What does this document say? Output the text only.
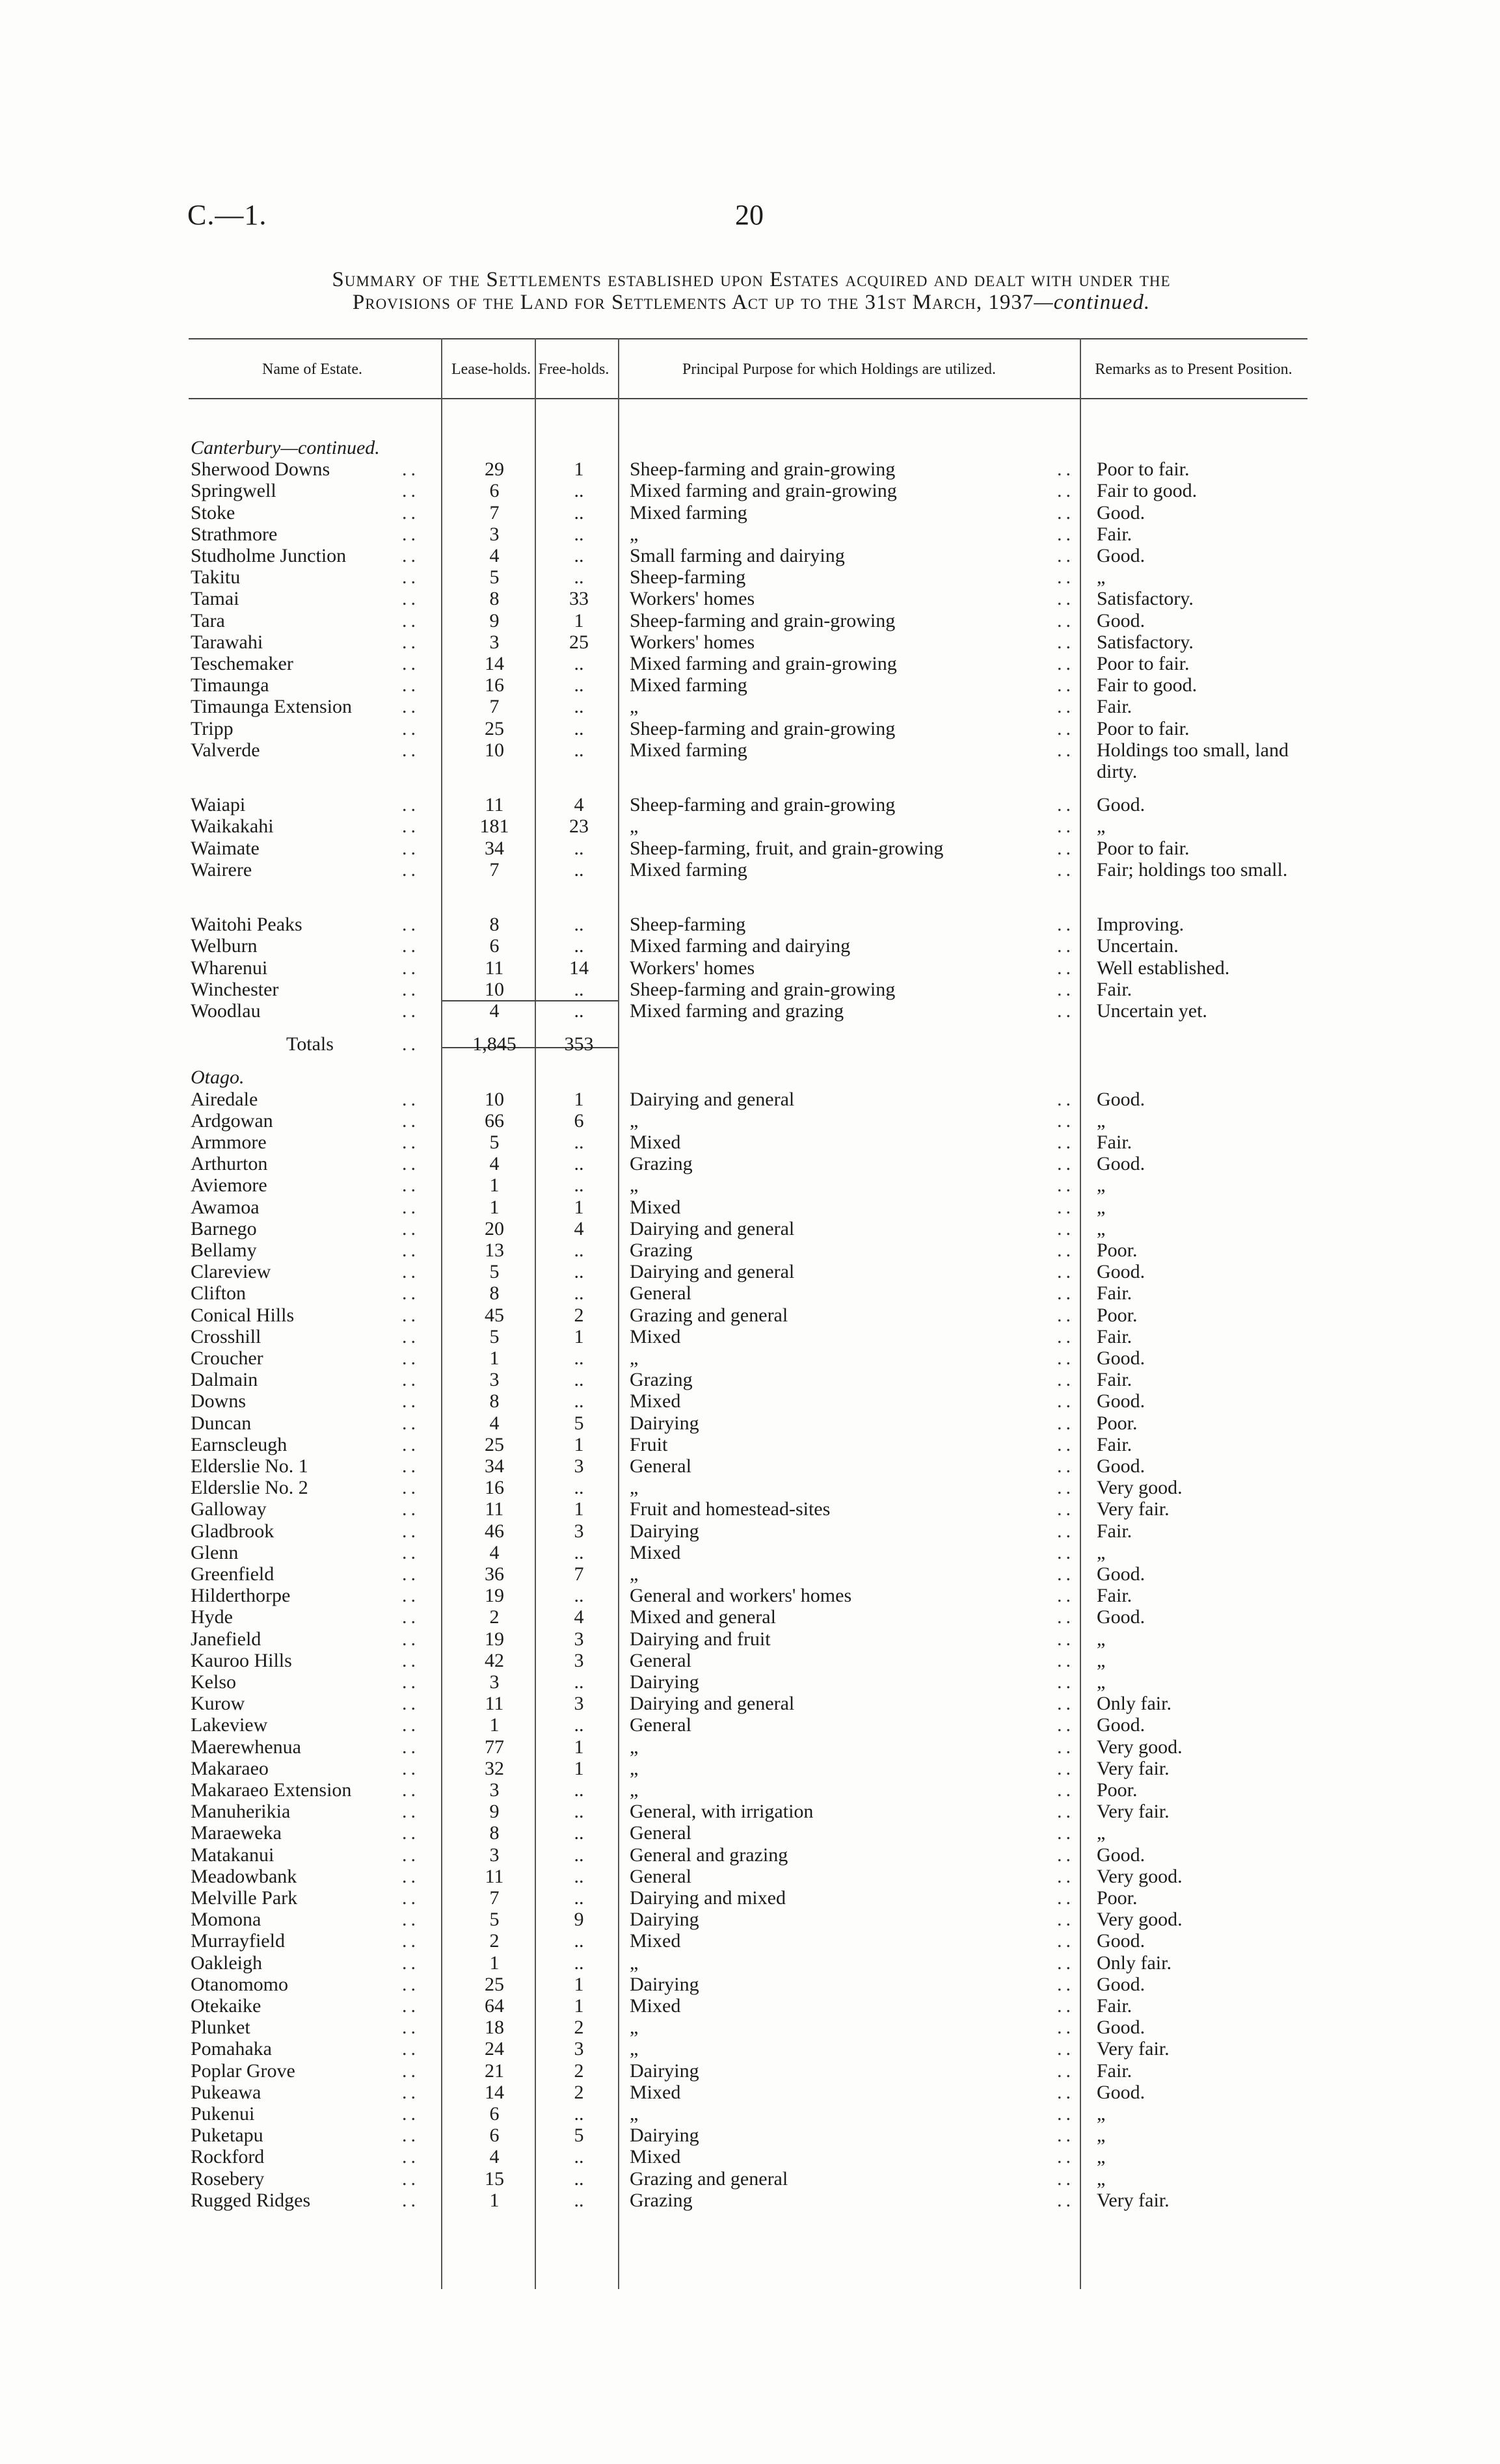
C.—1.	20
Summary of the Settlements established upon Estates acquired and dealt with under the
Provisions of the Land for Settlements Act up to the 31st March, 1937—continued.
Name of Estate.	Lease-holds. Free-holds.	Principal Purpose for which Holdings are utilized.	Remarks as to Present Position.
Canterbury—continued.
Sherwood Downs	..	29	1	Sheep-farming and grain-growing	.. Poor to fair.
Springwell	..	6	..	Mixed farming and grain-growing	.. Fair to good.
Stoke	..	7	..	Mixed farming	.. Good.
Strathmore	..	3	..	„	.. Fair.
Studholme Junction	..	4	..	Small farming and dairying	.. Good.
Takitu	..	5	..	Sheep-farming	.. „
Tamai	..	8	33	Workers' homes	.. Satisfactory.
Tara	..	9	1	Sheep-farming and grain-growing	.. Good.
Tarawahi	..	3	25	Workers' homes	.. Satisfactory.
Teschemaker	..	14	..	Mixed farming and grain-growing	.. Poor to fair.
Timaunga	..	16	..	Mixed farming	.. Fair to good.
Timaunga Extension	..	7	..	„	.. Fair.
Tripp	..	25	..	Sheep-farming and grain-growing	.. Poor to fair.
Valverde	..	10	..	Mixed farming	.. Holdings too small, land dirty.
Waiapi	..	11	4	Sheep-farming and grain-growing	.. Good.
Waikakahi	..	181	23	„	.. „
Waimate	..	34	..	Sheep-farming, fruit, and grain-growing	.. Poor to fair.
Wairere	..	7	..	Mixed farming	.. Fair; holdings too small.
Waitohi Peaks	..	8	..	Sheep-farming	.. Improving.
Welburn	..	6	..	Mixed farming and dairying	.. Uncertain.
Wharenui	..	11	14	Workers' homes	.. Well established.
Winchester	..	10	..	Sheep-farming and grain-growing	.. Fair.
Woodlau	..	4	..	Mixed farming and grazing	.. Uncertain yet.
Totals	..	1,845	353
Otago.
Airedale	..	10	1	Dairying and general	.. Good.
Ardgowan	..	66	6	„	.. „
Armmore	..	5	..	Mixed	.. Fair.
Arthurton	..	4	..	Grazing	.. Good.
Aviemore	..	1	..	„	.. „
Awamoa	..	1	1	Mixed	.. „
Barnego	..	20	4	Dairying and general	.. „
Bellamy	..	13	..	Grazing	.. Poor.
Clareview	..	5	..	Dairying and general	.. Good.
Clifton	..	8	..	General	.. Fair.
Conical Hills	..	45	2	Grazing and general	.. Poor.
Crosshill	..	5	1	Mixed	.. Fair.
Croucher	..	1	..	„	.. Good.
Dalmain	..	3	..	Grazing	.. Fair.
Downs	..	8	..	Mixed	.. Good.
Duncan	..	4	5	Dairying	.. Poor.
Earnscleugh	..	25	1	Fruit	.. Fair.
Elderslie No. 1	..	34	3	General	.. Good.
Elderslie No. 2	..	16	..	„	.. Very good.
Galloway	..	11	1	Fruit and homestead-sites	.. Very fair.
Gladbrook	..	46	3	Dairying	.. Fair.
Glenn	..	4	..	Mixed	.. „
Greenfield	..	36	7	„	.. Good.
Hilderthorpe	..	19	..	General and workers' homes	.. Fair.
Hyde	..	2	4	Mixed and general	.. Good.
Janefield	..	19	3	Dairying and fruit	.. „
Kauroo Hills	..	42	3	General	.. „
Kelso	..	3	..	Dairying	.. „
Kurow	..	11	3	Dairying and general	.. Only fair.
Lakeview	..	1	..	General	.. Good.
Maerewhenua	..	77	1	„	.. Very good.
Makaraeo	..	32	1	„	.. Very fair.
Makaraeo Extension	..	3	..	„	.. Poor.
Manuherikia	..	9	..	General, with irrigation	.. Very fair.
Maraeweka	..	8	..	General	.. „
Matakanui	..	3	..	General and grazing	.. Good.
Meadowbank	..	11	..	General	.. Very good.
Melville Park	..	7	..	Dairying and mixed	.. Poor.
Momona	..	5	9	Dairying	.. Very good.
Murrayfield	..	2	..	Mixed	.. Good.
Oakleigh	..	1	..	„	.. Only fair.
Otanomomo	..	25	1	Dairying	.. Good.
Otekaike	..	64	1	Mixed	.. Fair.
Plunket	..	18	2	„	.. Good.
Pomahaka	..	24	3	„	.. Very fair.
Poplar Grove	..	21	2	Dairying	.. Fair.
Pukeawa	..	14	2	Mixed	.. Good.
Pukenui	..	6	..	„	.. „
Puketapu	..	6	5	Dairying	.. „
Rockford	..	4	..	Mixed	.. „
Rosebery	..	15	..	Grazing and general	.. „
Rugged Ridges	..	1	..	Grazing	.. Very fair.
